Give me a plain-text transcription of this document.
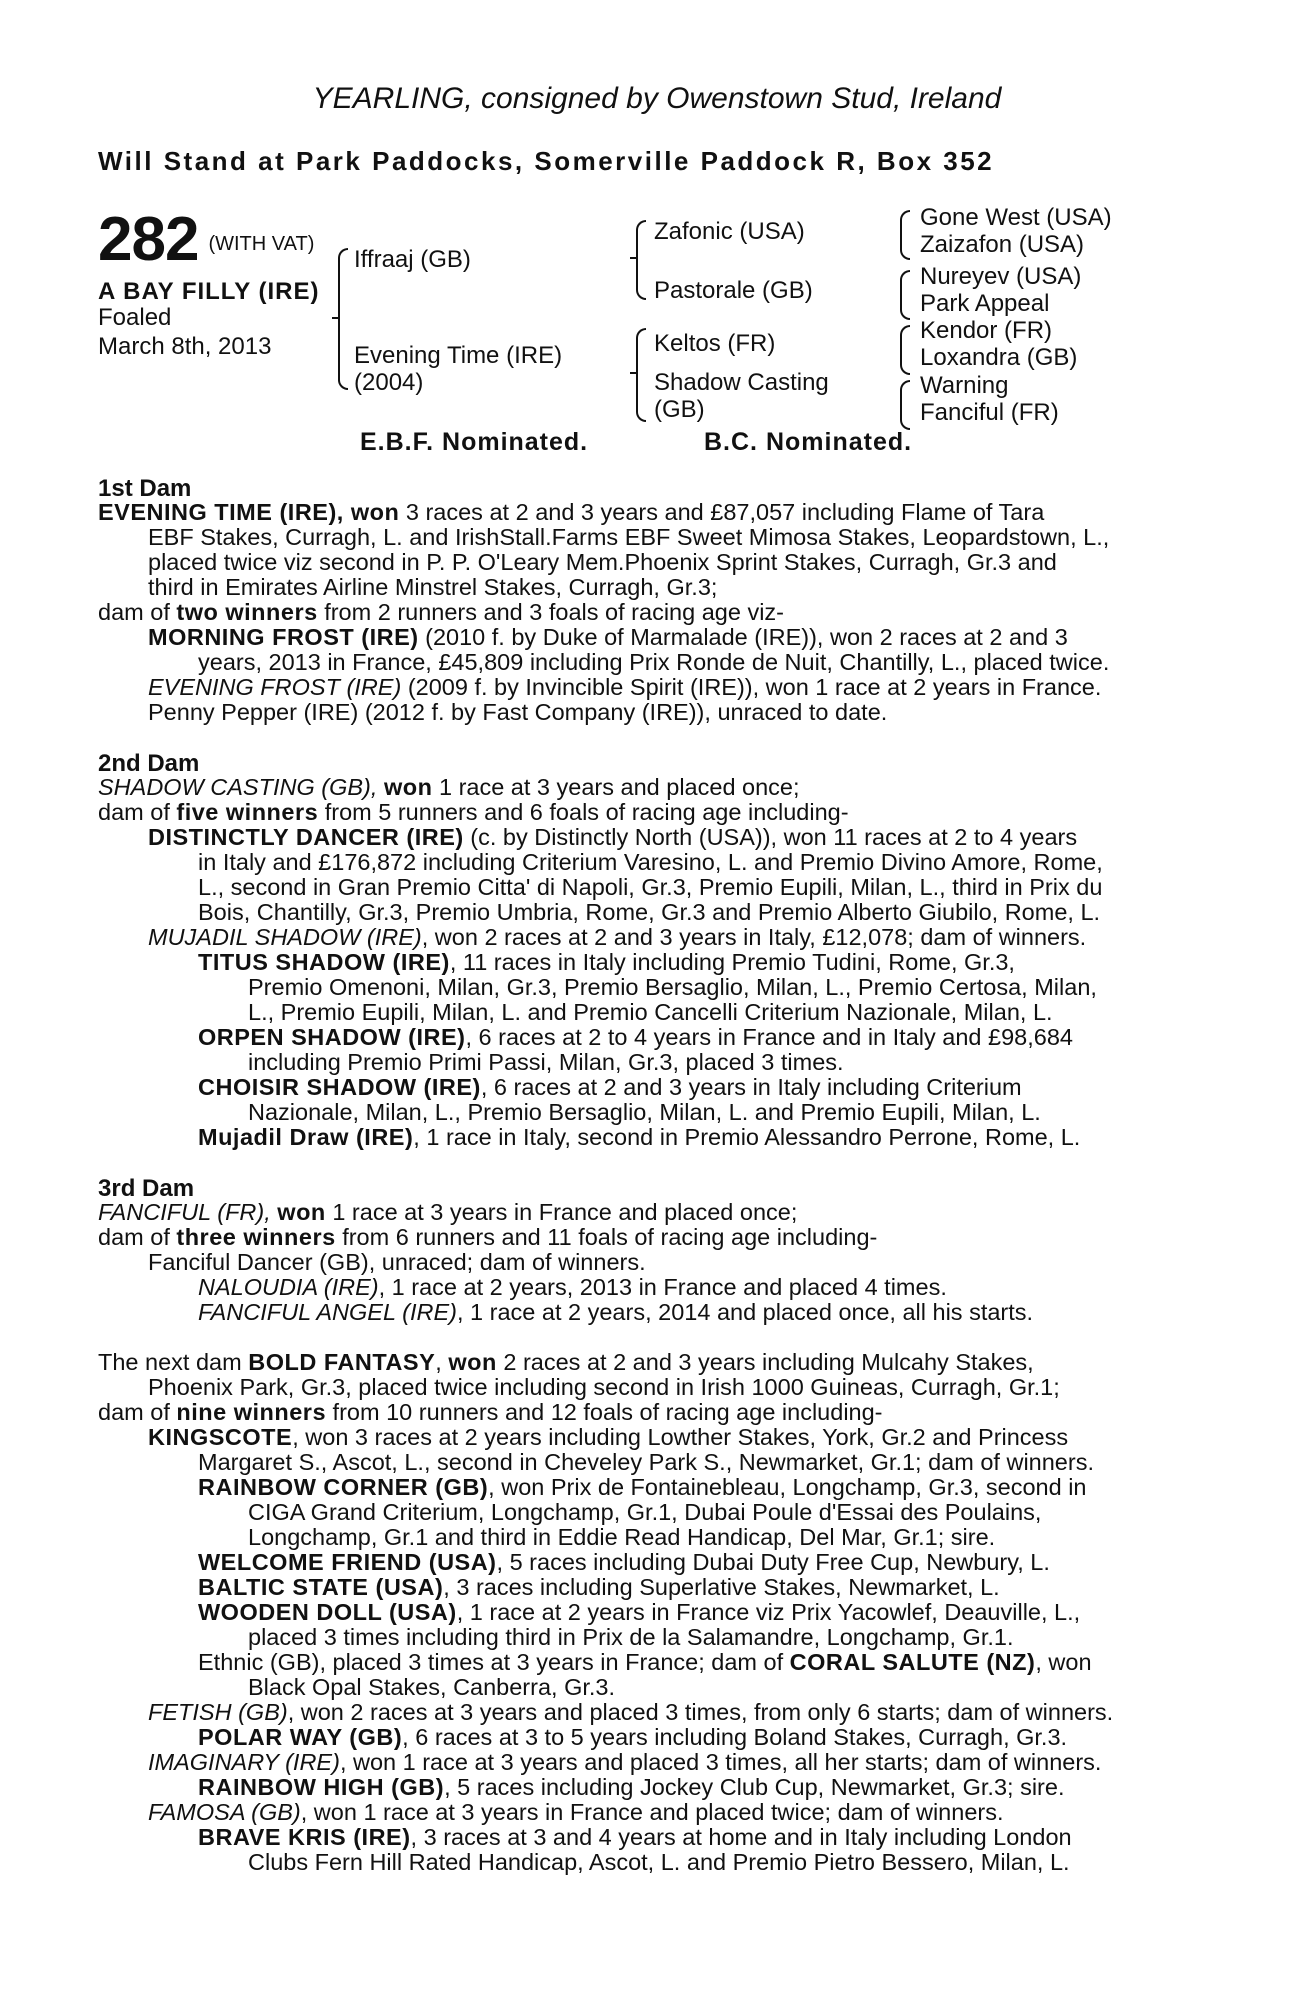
YEARLING, consigned by Owenstown Stud, Ireland
Will Stand at Park Paddocks, Somerville Paddock R, Box 352
282 (WITH VAT)
A BAY FILLY (IRE)
Foaled
March 8th, 2013
Iffraaj (GB)
Evening Time (IRE)
(2004)
Zafonic (USA)
Pastorale (GB)
Keltos (FR)
Shadow Casting
(GB)
Gone West (USA)
Zaizafon (USA)
Nureyev (USA)
Park Appeal
Kendor (FR)
Loxandra (GB)
Warning
Fanciful (FR)
E.B.F. Nominated.	B.C. Nominated.
1st Dam
EVENING TIME (IRE), won 3 races at 2 and 3 years and £87,057 including Flame of Tara
EBF Stakes, Curragh, L. and IrishStall.Farms EBF Sweet Mimosa Stakes, Leopardstown, L.,
placed twice viz second in P. P. O'Leary Mem.Phoenix Sprint Stakes, Curragh, Gr.3 and
third in Emirates Airline Minstrel Stakes, Curragh, Gr.3;
dam of two winners from 2 runners and 3 foals of racing age viz-
MORNING FROST (IRE) (2010 f. by Duke of Marmalade (IRE)), won 2 races at 2 and 3
years, 2013 in France, £45,809 including Prix Ronde de Nuit, Chantilly, L., placed twice.
EVENING FROST (IRE) (2009 f. by Invincible Spirit (IRE)), won 1 race at 2 years in France.
Penny Pepper (IRE) (2012 f. by Fast Company (IRE)), unraced to date.
2nd Dam
SHADOW CASTING (GB), won 1 race at 3 years and placed once;
dam of five winners from 5 runners and 6 foals of racing age including-
DISTINCTLY DANCER (IRE) (c. by Distinctly North (USA)), won 11 races at 2 to 4 years
in Italy and £176,872 including Criterium Varesino, L. and Premio Divino Amore, Rome,
L., second in Gran Premio Citta' di Napoli, Gr.3, Premio Eupili, Milan, L., third in Prix du
Bois, Chantilly, Gr.3, Premio Umbria, Rome, Gr.3 and Premio Alberto Giubilo, Rome, L.
MUJADIL SHADOW (IRE), won 2 races at 2 and 3 years in Italy, £12,078; dam of winners.
TITUS SHADOW (IRE), 11 races in Italy including Premio Tudini, Rome, Gr.3,
Premio Omenoni, Milan, Gr.3, Premio Bersaglio, Milan, L., Premio Certosa, Milan,
L., Premio Eupili, Milan, L. and Premio Cancelli Criterium Nazionale, Milan, L.
ORPEN SHADOW (IRE), 6 races at 2 to 4 years in France and in Italy and £98,684
including Premio Primi Passi, Milan, Gr.3, placed 3 times.
CHOISIR SHADOW (IRE), 6 races at 2 and 3 years in Italy including Criterium
Nazionale, Milan, L., Premio Bersaglio, Milan, L. and Premio Eupili, Milan, L.
Mujadil Draw (IRE), 1 race in Italy, second in Premio Alessandro Perrone, Rome, L.
3rd Dam
FANCIFUL (FR), won 1 race at 3 years in France and placed once;
dam of three winners from 6 runners and 11 foals of racing age including-
Fanciful Dancer (GB), unraced; dam of winners.
NALOUDIA (IRE), 1 race at 2 years, 2013 in France and placed 4 times.
FANCIFUL ANGEL (IRE), 1 race at 2 years, 2014 and placed once, all his starts.
The next dam BOLD FANTASY, won 2 races at 2 and 3 years including Mulcahy Stakes,
Phoenix Park, Gr.3, placed twice including second in Irish 1000 Guineas, Curragh, Gr.1;
dam of nine winners from 10 runners and 12 foals of racing age including-
KINGSCOTE, won 3 races at 2 years including Lowther Stakes, York, Gr.2 and Princess
Margaret S., Ascot, L., second in Cheveley Park S., Newmarket, Gr.1; dam of winners.
RAINBOW CORNER (GB), won Prix de Fontainebleau, Longchamp, Gr.3, second in
CIGA Grand Criterium, Longchamp, Gr.1, Dubai Poule d'Essai des Poulains,
Longchamp, Gr.1 and third in Eddie Read Handicap, Del Mar, Gr.1; sire.
WELCOME FRIEND (USA), 5 races including Dubai Duty Free Cup, Newbury, L.
BALTIC STATE (USA), 3 races including Superlative Stakes, Newmarket, L.
WOODEN DOLL (USA), 1 race at 2 years in France viz Prix Yacowlef, Deauville, L.,
placed 3 times including third in Prix de la Salamandre, Longchamp, Gr.1.
Ethnic (GB), placed 3 times at 3 years in France; dam of CORAL SALUTE (NZ), won
Black Opal Stakes, Canberra, Gr.3.
FETISH (GB), won 2 races at 3 years and placed 3 times, from only 6 starts; dam of winners.
POLAR WAY (GB), 6 races at 3 to 5 years including Boland Stakes, Curragh, Gr.3.
IMAGINARY (IRE), won 1 race at 3 years and placed 3 times, all her starts; dam of winners.
RAINBOW HIGH (GB), 5 races including Jockey Club Cup, Newmarket, Gr.3; sire.
FAMOSA (GB), won 1 race at 3 years in France and placed twice; dam of winners.
BRAVE KRIS (IRE), 3 races at 3 and 4 years at home and in Italy including London
Clubs Fern Hill Rated Handicap, Ascot, L. and Premio Pietro Bessero, Milan, L.
